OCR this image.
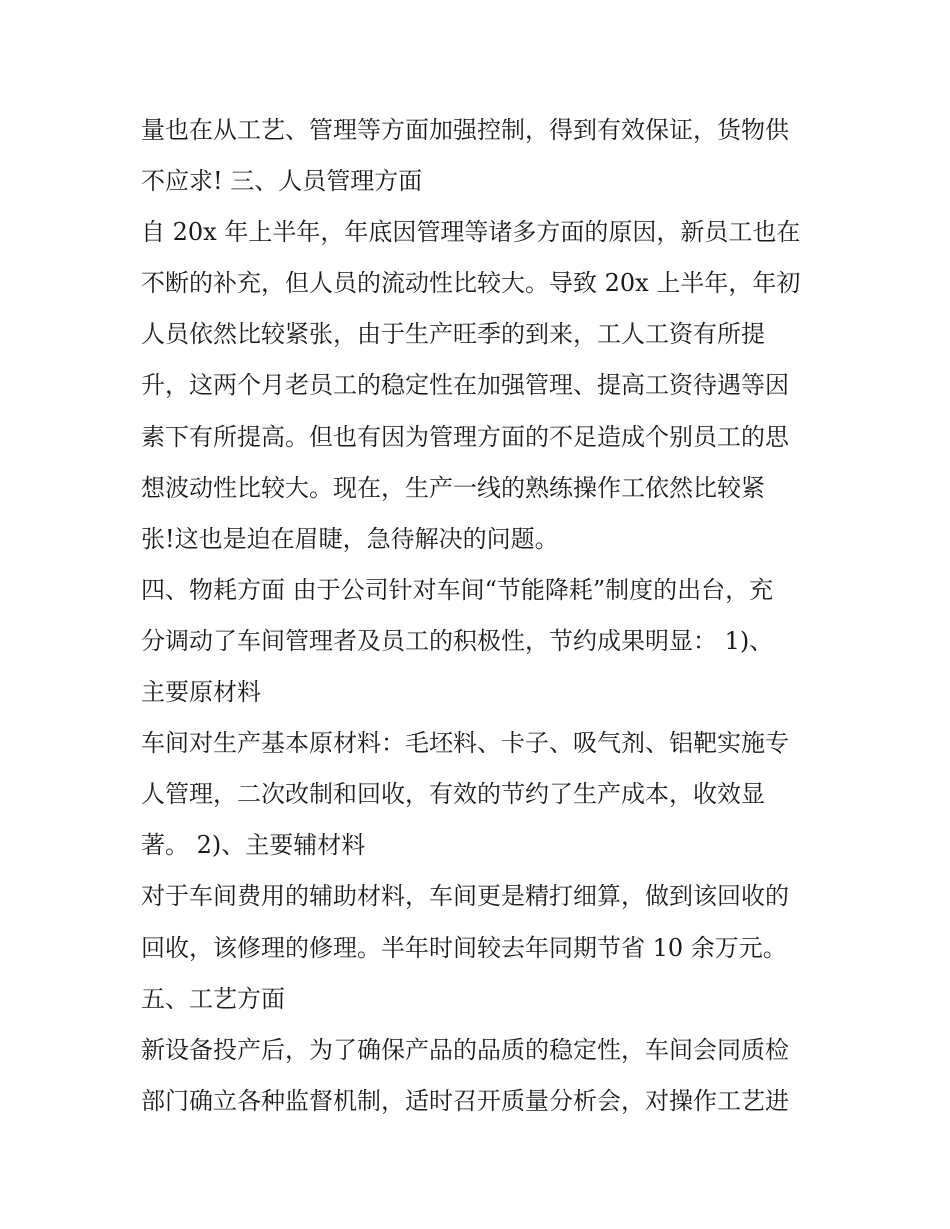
量也在从工艺、管理等方面加强控制，得到有效保证，货物供
不应求! 三、人员管理方面
自 20x 年上半年，年底因管理等诸多方面的原因，新员工也在
不断的补充，但人员的流动性比较大。导致 20x 上半年，年初
人员依然比较紧张，由于生产旺季的到来，工人工资有所提
升，这两个月老员工的稳定性在加强管理、提高工资待遇等因
素下有所提高。但也有因为管理方面的不足造成个别员工的思
想波动性比较大。现在，生产一线的熟练操作工依然比较紧
张!这也是迫在眉睫，急待解决的问题。
四、物耗方面 由于公司针对车间“节能降耗”制度的出台，充
分调动了车间管理者及员工的积极性，节约成果明显： 1)、
主要原材料
车间对生产基本原材料：毛坯料、卡子、吸气剂、铝靶实施专
人管理，二次改制和回收，有效的节约了生产成本，收效显
著。 2)、主要辅材料
对于车间费用的辅助材料，车间更是精打细算，做到该回收的
回收，该修理的修理。半年时间较去年同期节省 10 余万元。
五、工艺方面
新设备投产后，为了确保产品的品质的稳定性，车间会同质检
部门确立各种监督机制，适时召开质量分析会，对操作工艺进
